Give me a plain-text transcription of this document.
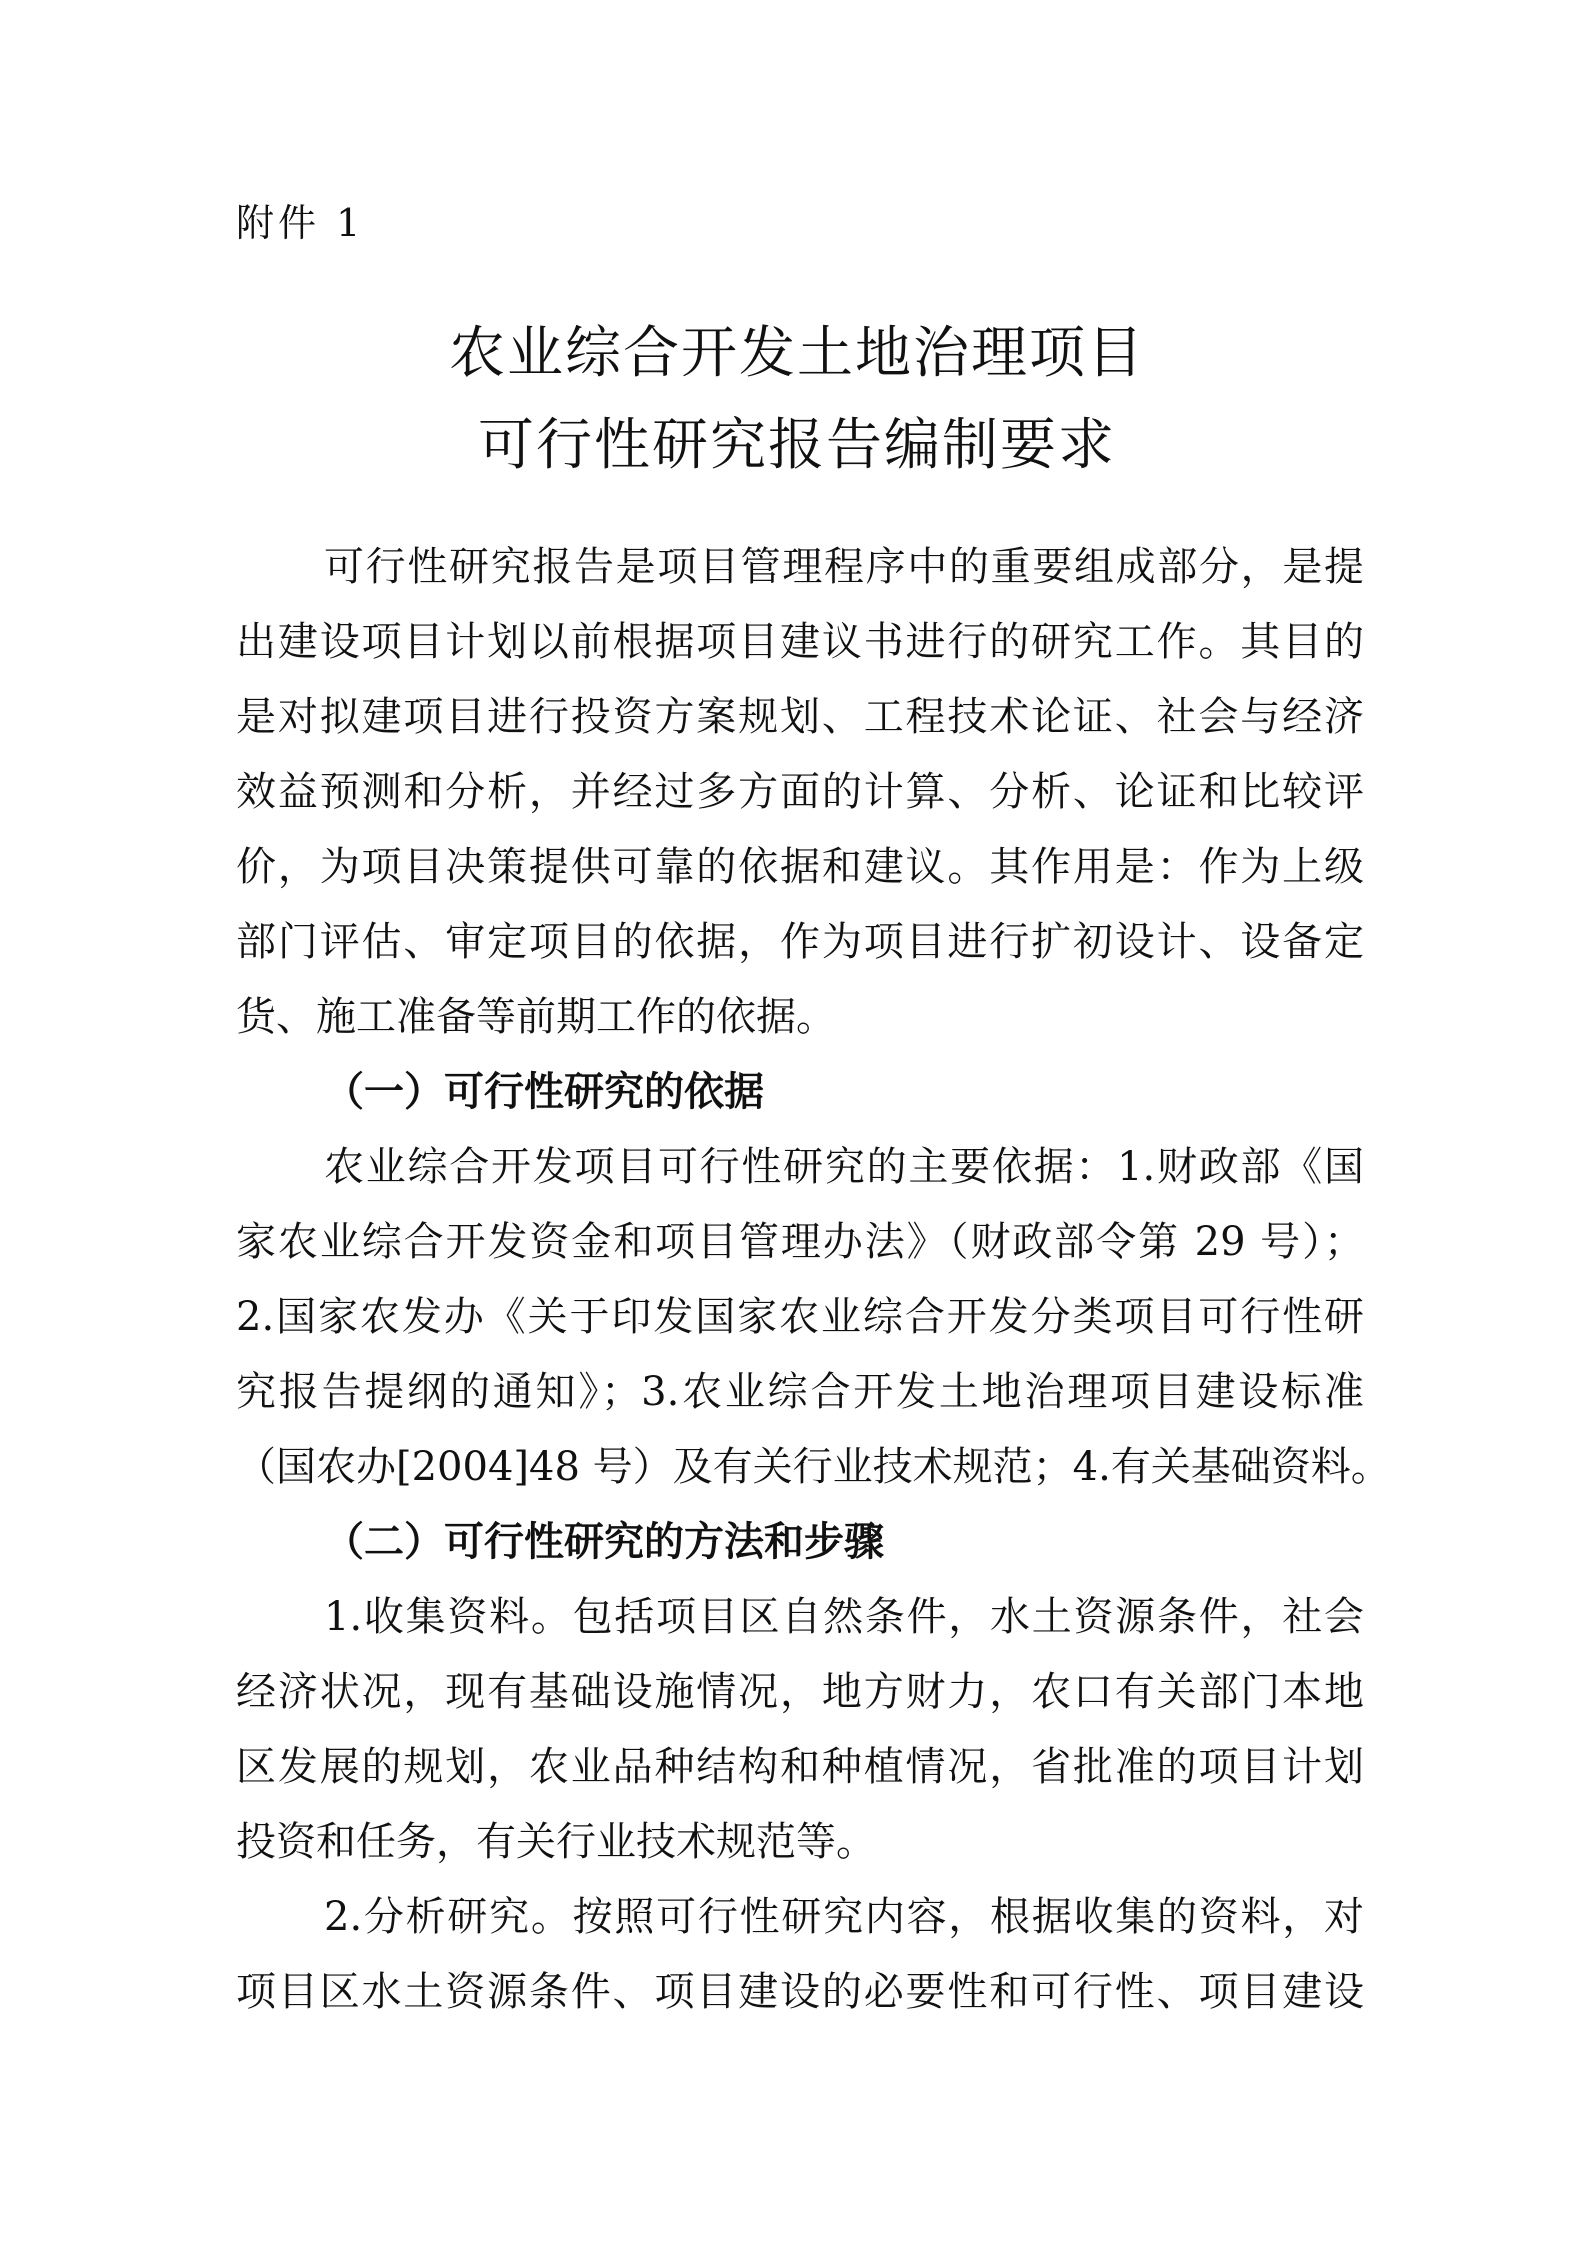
附件 1
农业综合开发土地治理项目
可行性研究报告编制要求
可行性研究报告是项目管理程序中的重要组成部分，是提
出建设项目计划以前根据项目建议书进行的研究工作。其目的
是对拟建项目进行投资方案规划、工程技术论证、社会与经济
效益预测和分析，并经过多方面的计算、分析、论证和比较评
价，为项目决策提供可靠的依据和建议。其作用是：作为上级
部门评估、审定项目的依据，作为项目进行扩初设计、设备定
货、施工准备等前期工作的依据。
（一）可行性研究的依据
农业综合开发项目可行性研究的主要依据：1.财政部《国
家农业综合开发资金和项目管理办法》（财政部令第 29 号）；
2.国家农发办《关于印发国家农业综合开发分类项目可行性研
究报告提纲的通知》；3.农业综合开发土地治理项目建设标准
（国农办[2004]48 号）及有关行业技术规范；4.有关基础资料。
（二）可行性研究的方法和步骤
1.收集资料。包括项目区自然条件，水土资源条件，社会
经济状况，现有基础设施情况，地方财力，农口有关部门本地
区发展的规划，农业品种结构和种植情况，省批准的项目计划
投资和任务，有关行业技术规范等。
2.分析研究。按照可行性研究内容，根据收集的资料，对
项目区水土资源条件、项目建设的必要性和可行性、项目建设
